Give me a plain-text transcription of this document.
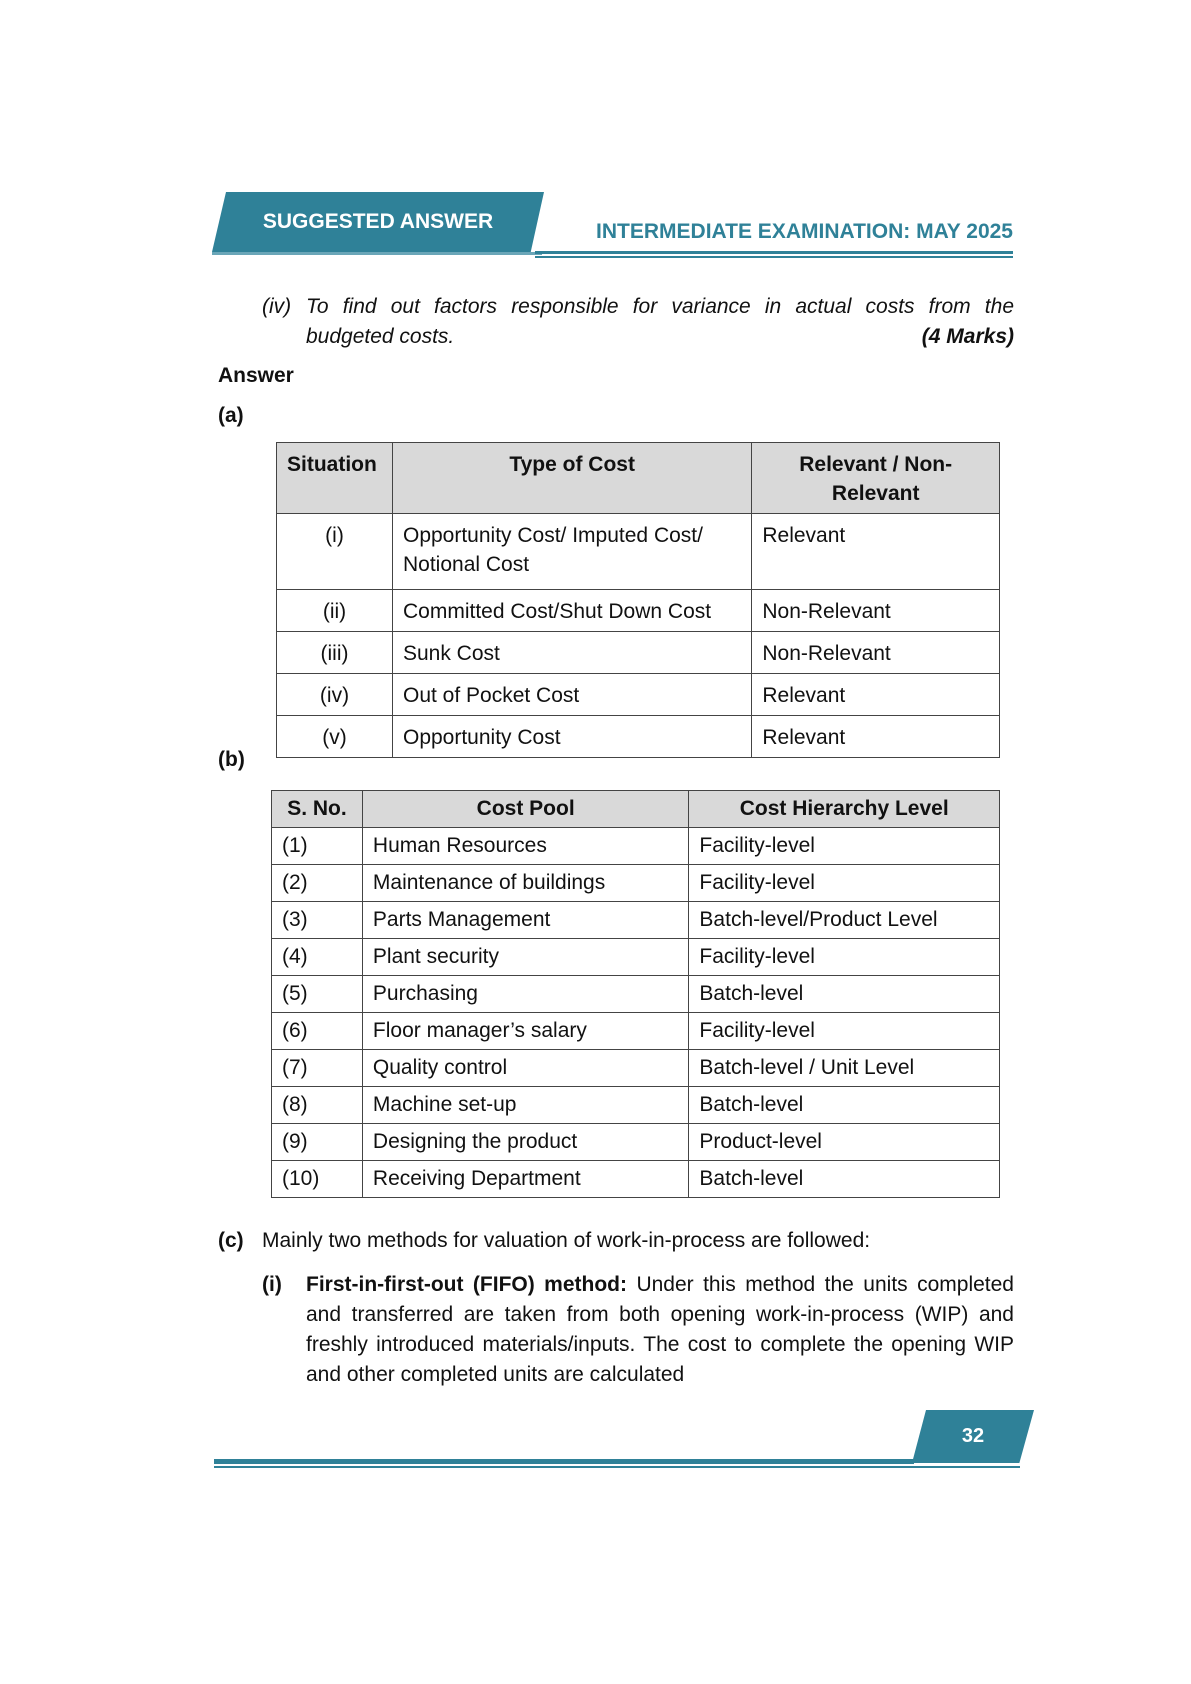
SUGGESTED ANSWER	INTERMEDIATE EXAMINATION: MAY 2025
(iv) To find out factors responsible for variance in actual costs from the
budgeted costs.	(4 Marks)
Answer
(a)
Situation	Type of Cost	Relevant / Non-Relevant
(i)	Opportunity Cost/ Imputed Cost/ Notional Cost	Relevant
(ii)	Committed Cost/Shut Down Cost	Non-Relevant
(iii)	Sunk Cost	Non-Relevant
(iv)	Out of Pocket Cost	Relevant
(v)	Opportunity Cost	Relevant
(b)
S. No.	Cost Pool	Cost Hierarchy Level
(1)	Human Resources	Facility-level
(2)	Maintenance of buildings	Facility-level
(3)	Parts Management	Batch-level/Product Level
(4)	Plant security	Facility-level
(5)	Purchasing	Batch-level
(6)	Floor manager’s salary	Facility-level
(7)	Quality control	Batch-level / Unit Level
(8)	Machine set-up	Batch-level
(9)	Designing the product	Product-level
(10)	Receiving Department	Batch-level
(c) Mainly two methods for valuation of work-in-process are followed:
(i)	First-in-first-out (FIFO) method: Under this method the units completed and transferred are taken from both opening work-in-process (WIP) and freshly introduced materials/inputs. The cost to complete the opening WIP and other completed units are calculated
32
